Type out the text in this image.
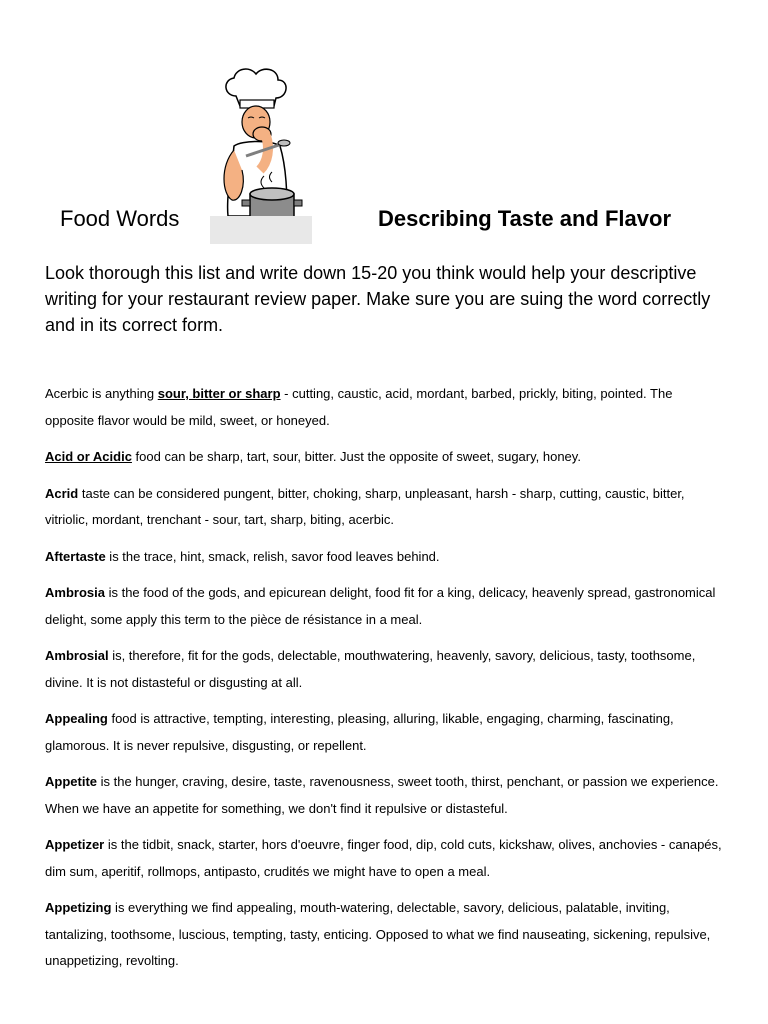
Food Words	Describing Taste and Flavor
Look thorough this list and write down 15-20 you think would help your descriptive writing for your restaurant review paper. Make sure you are suing the word correctly and in its correct form.

Acerbic is anything sour, bitter or sharp - cutting, caustic, acid, mordant, barbed, prickly, biting, pointed. The opposite flavor would be mild, sweet, or honeyed.

Acid or Acidic food can be sharp, tart, sour, bitter. Just the opposite of sweet, sugary, honey.

Acrid taste can be considered pungent, bitter, choking, sharp, unpleasant, harsh - sharp, cutting, caustic, bitter, vitriolic, mordant, trenchant - sour, tart, sharp, biting, acerbic.

Aftertaste is the trace, hint, smack, relish, savor food leaves behind.

Ambrosia is the food of the gods, and epicurean delight, food fit for a king, delicacy, heavenly spread, gastronomical delight, some apply this term to the pièce de résistance in a meal.

Ambrosial is, therefore, fit for the gods, delectable, mouthwatering, heavenly, savory, delicious, tasty, toothsome, divine. It is not distasteful or disgusting at all.

Appealing food is attractive, tempting, interesting, pleasing, alluring, likable, engaging, charming, fascinating, glamorous. It is never repulsive, disgusting, or repellent.

Appetite is the hunger, craving, desire, taste, ravenousness, sweet tooth, thirst, penchant, or passion we experience. When we have an appetite for something, we don't find it repulsive or distasteful.

Appetizer is the tidbit, snack, starter, hors d'oeuvre, finger food, dip, cold cuts, kickshaw, olives, anchovies - canapés, dim sum, aperitif, rollmops, antipasto, crudités we might have to open a meal.

Appetizing is everything we find appealing, mouth-watering, delectable, savory, delicious, palatable, inviting, tantalizing, toothsome, luscious, tempting, tasty, enticing. Opposed to what we find nauseating, sickening, repulsive, unappetizing, revolting.
